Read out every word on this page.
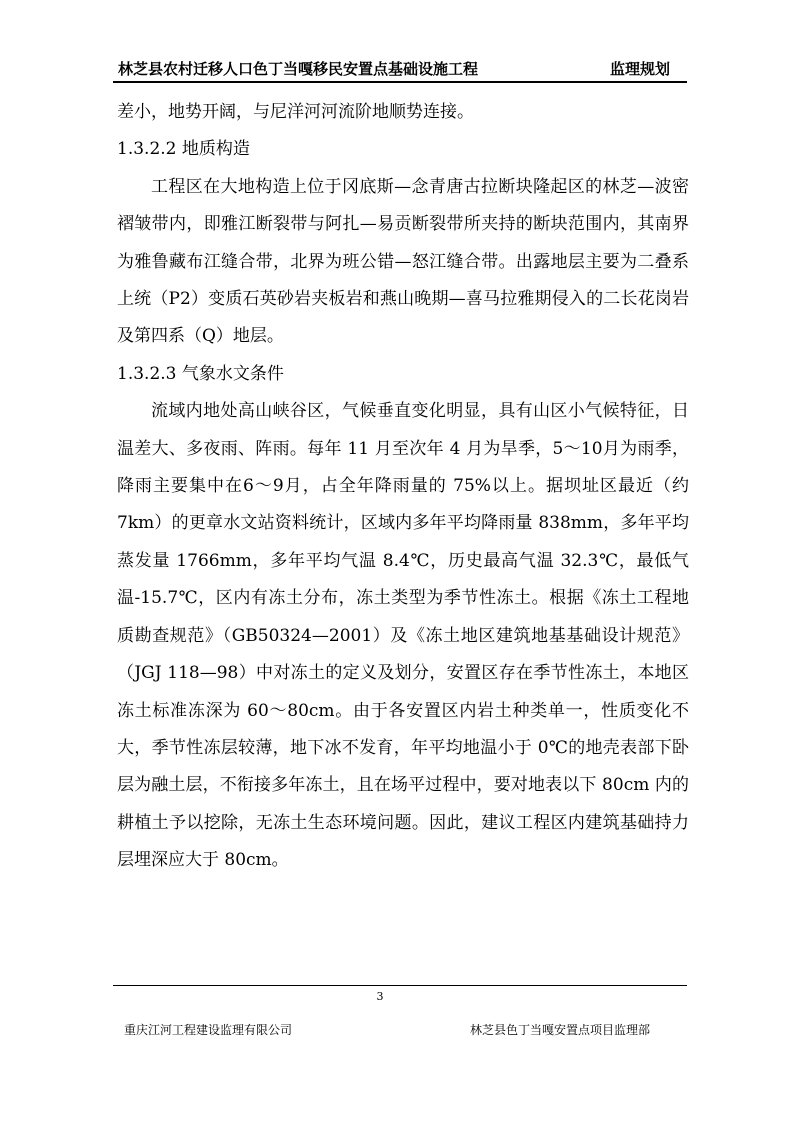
林芝县农村迁移人口色丁当嘎移民安置点基础设施工程	监理规划

差小，地势开阔，与尼洋河河流阶地顺势连接。

1.3.2.2 地质构造

工程区在大地构造上位于冈底斯—念青唐古拉断块隆起区的林芝—波密褶皱带内，即雅江断裂带与阿扎—易贡断裂带所夹持的断块范围内，其南界为雅鲁藏布江缝合带，北界为班公错—怒江缝合带。出露地层主要为二叠系上统（P2）变质石英砂岩夹板岩和燕山晚期—喜马拉雅期侵入的二长花岗岩及第四系（Q）地层。

1.3.2.3 气象水文条件

流域内地处高山峡谷区，气候垂直变化明显，具有山区小气候特征，日温差大、多夜雨、阵雨。每年 11 月至次年 4 月为旱季，5～10月为雨季，降雨主要集中在6～9月，占全年降雨量的 75%以上。据坝址区最近（约 7km）的更章水文站资料统计，区域内多年平均降雨量 838mm，多年平均蒸发量 1766mm，多年平均气温 8.4℃，历史最高气温 32.3℃，最低气温-15.7℃，区内有冻土分布，冻土类型为季节性冻土。根据《冻土工程地质勘查规范》（GB50324—2001）及《冻土地区建筑地基基础设计规范》（JGJ 118—98）中对冻土的定义及划分，安置区存在季节性冻土，本地区冻土标准冻深为 60～80cm。由于各安置区内岩土种类单一，性质变化不大，季节性冻层较薄，地下冰不发育，年平均地温小于 0℃的地壳表部下卧层为融土层，不衔接多年冻土，且在场平过程中，要对地表以下 80cm 内的耕植土予以挖除，无冻土生态环境问题。因此，建议工程区内建筑基础持力层埋深应大于 80cm。

3
重庆江河工程建设监理有限公司	林芝县色丁当嘎安置点项目监理部
